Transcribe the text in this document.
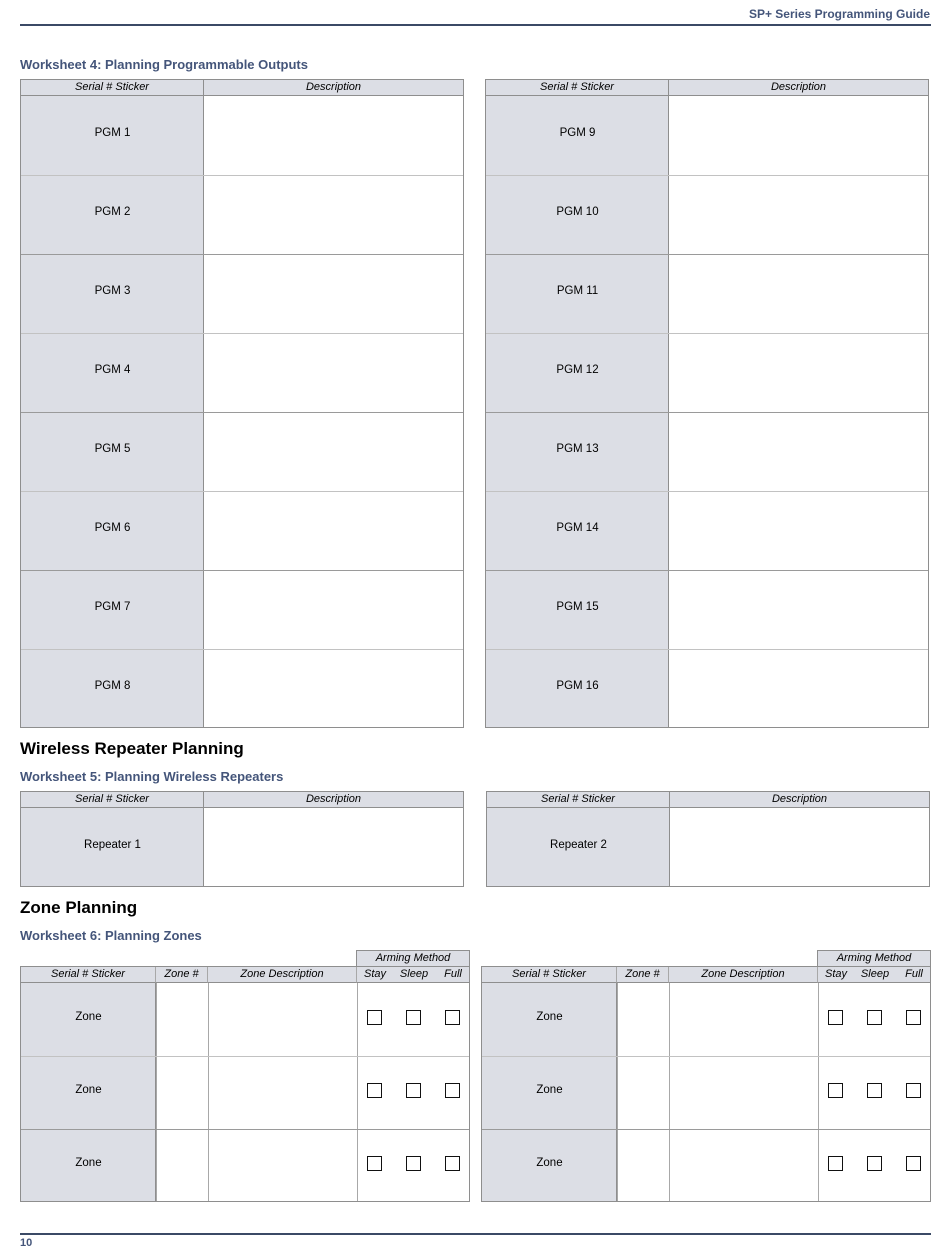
SP+ Series Programming Guide
Worksheet 4: Planning Programmable Outputs
Serial # Sticker	Description
PGM 1
PGM 2
PGM 3
PGM 4
PGM 5
PGM 6
PGM 7
PGM 8
Serial # Sticker	Description
PGM 9
PGM 10
PGM 11
PGM 12
PGM 13
PGM 14
PGM 15
PGM 16
Wireless Repeater Planning
Worksheet 5: Planning Wireless Repeaters
Serial # Sticker	Description
Repeater 1
Serial # Sticker	Description
Repeater 2
Zone Planning
Worksheet 6: Planning Zones
Arming Method
Serial # Sticker	Zone #	Zone Description	Stay	Sleep	Full
Zone
Zone
Zone
Arming Method
Serial # Sticker	Zone #	Zone Description	Stay	Sleep	Full
Zone
Zone
Zone
10
